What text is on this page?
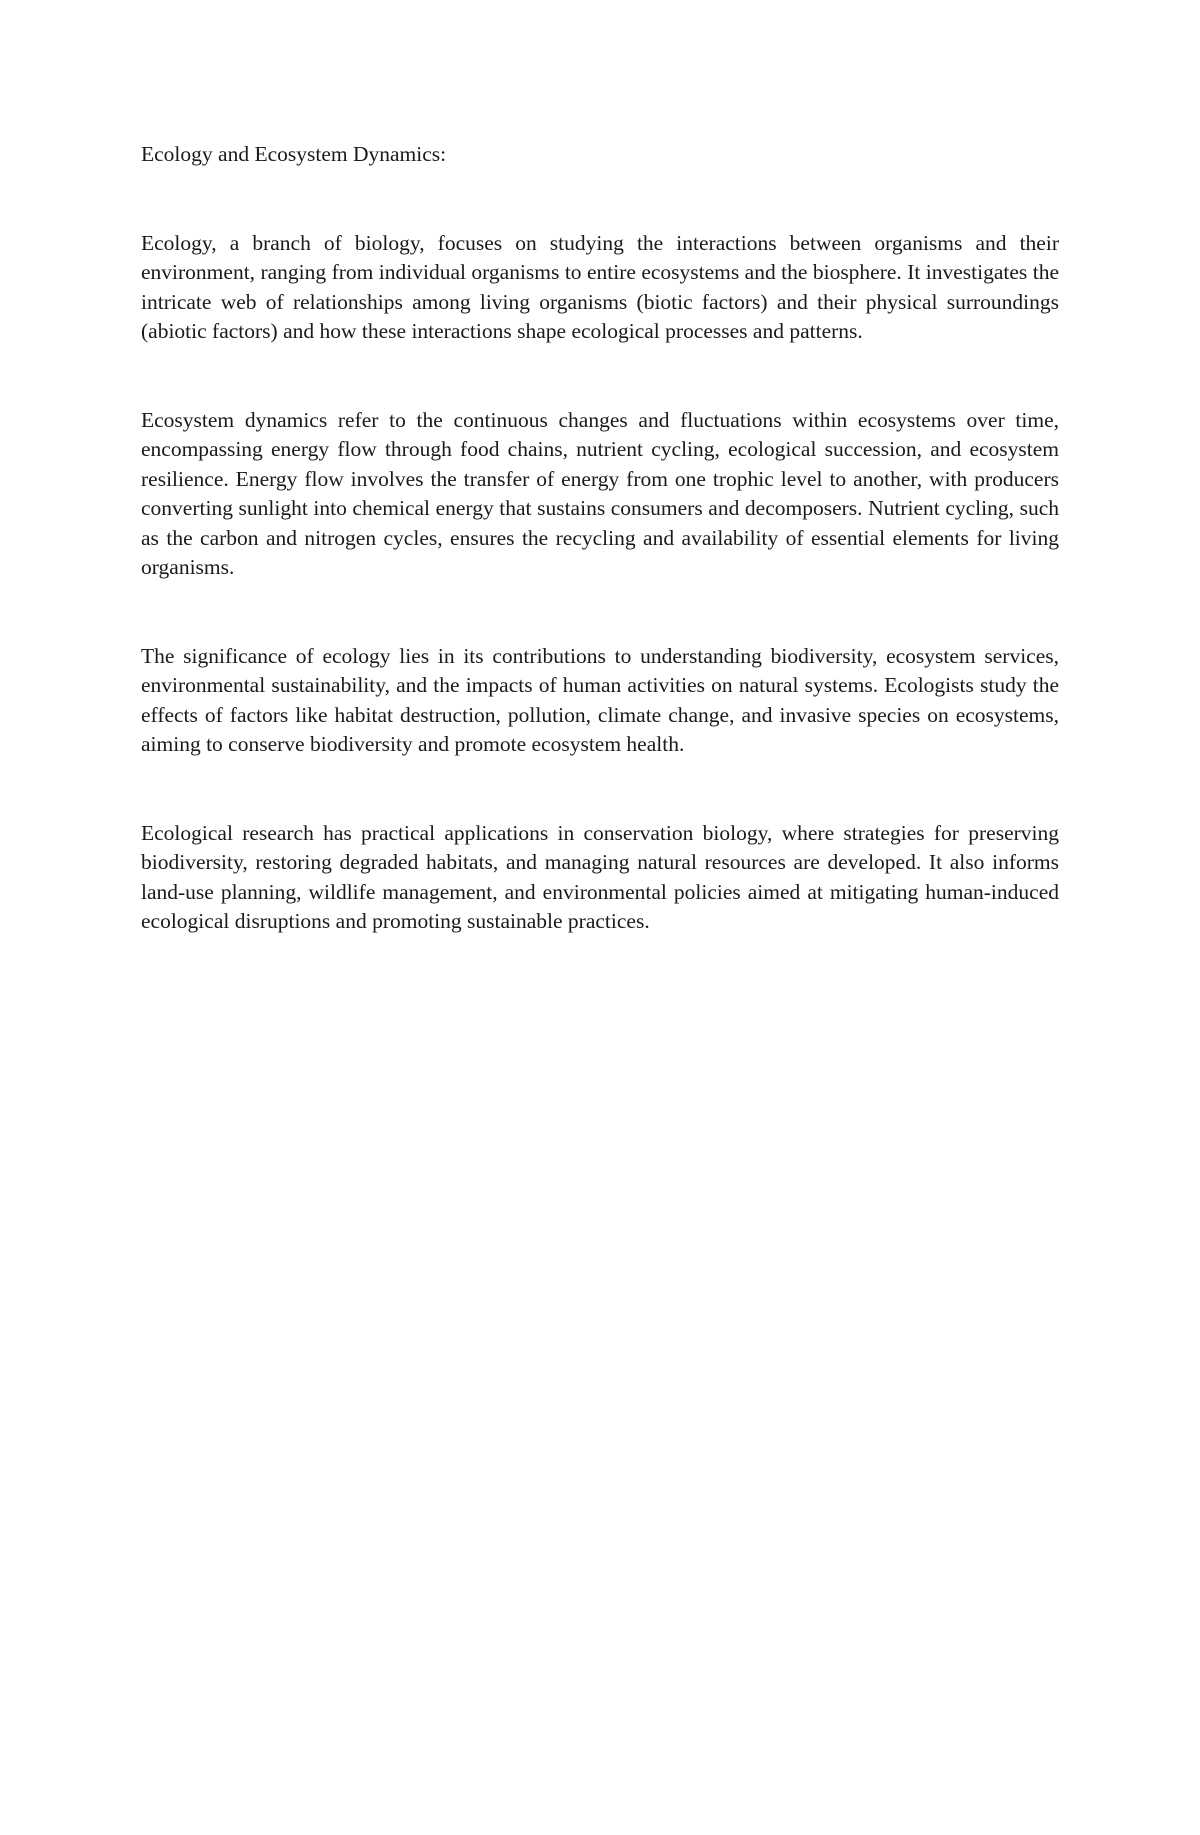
Ecology and Ecosystem Dynamics:

Ecology, a branch of biology, focuses on studying the interactions between organisms and their environment, ranging from individual organisms to entire ecosystems and the biosphere. It investigates the intricate web of relationships among living organisms (biotic factors) and their physical surroundings (abiotic factors) and how these interactions shape ecological processes and patterns.

Ecosystem dynamics refer to the continuous changes and fluctuations within ecosystems over time, encompassing energy flow through food chains, nutrient cycling, ecological succession, and ecosystem resilience. Energy flow involves the transfer of energy from one trophic level to another, with producers converting sunlight into chemical energy that sustains consumers and decomposers. Nutrient cycling, such as the carbon and nitrogen cycles, ensures the recycling and availability of essential elements for living organisms.

The significance of ecology lies in its contributions to understanding biodiversity, ecosystem services, environmental sustainability, and the impacts of human activities on natural systems. Ecologists study the effects of factors like habitat destruction, pollution, climate change, and invasive species on ecosystems, aiming to conserve biodiversity and promote ecosystem health.

Ecological research has practical applications in conservation biology, where strategies for preserving biodiversity, restoring degraded habitats, and managing natural resources are developed. It also informs land-use planning, wildlife management, and environmental policies aimed at mitigating human-induced ecological disruptions and promoting sustainable practices.
